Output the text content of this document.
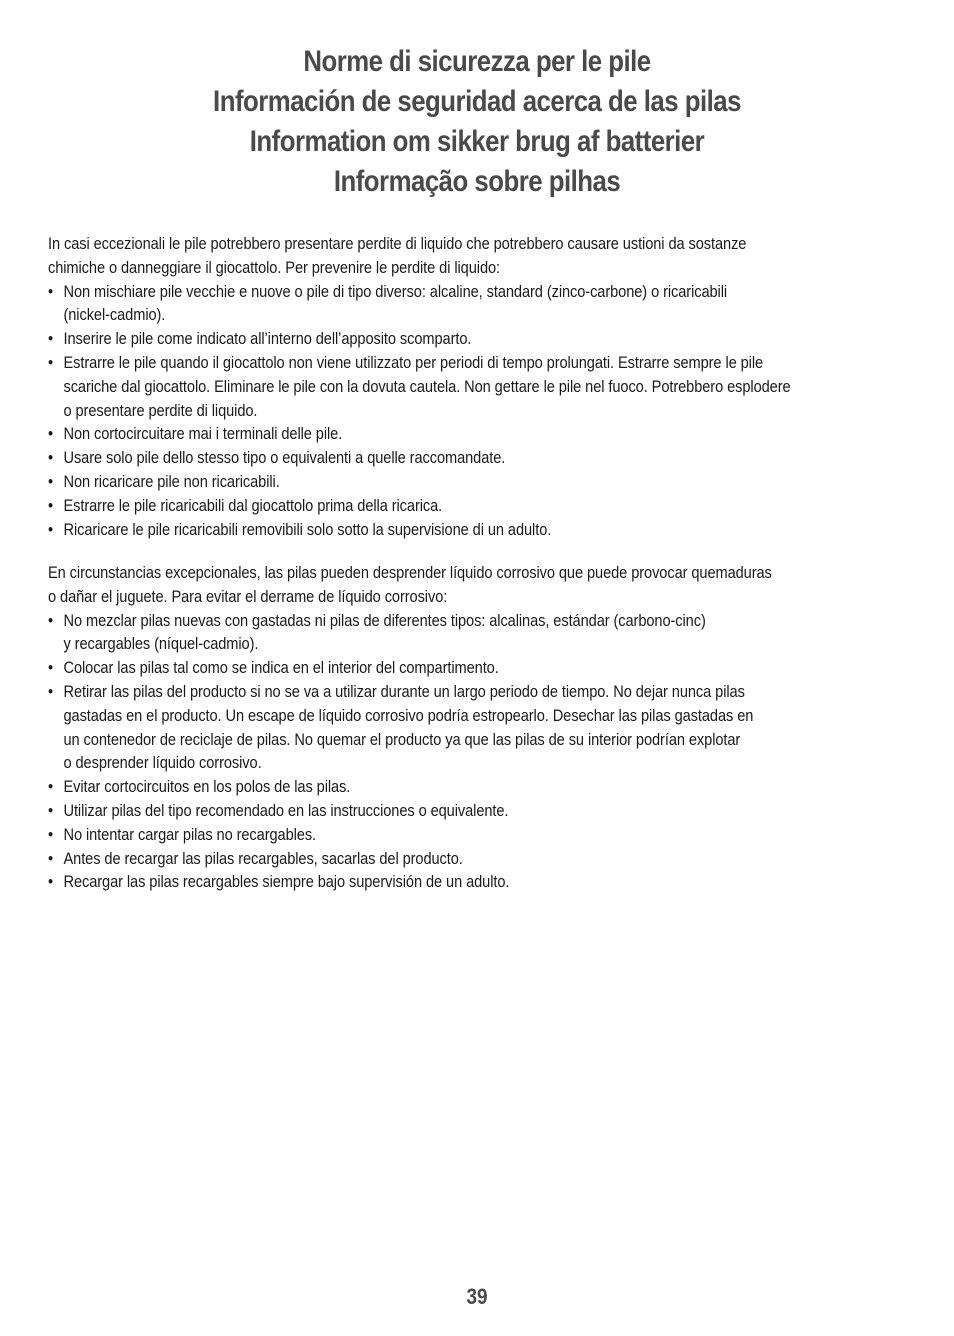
Norme di sicurezza per le pile
Información de seguridad acerca de las pilas
Information om sikker brug af batterier
Informação sobre pilhas
In casi eccezionali le pile potrebbero presentare perdite di liquido che potrebbero causare ustioni da sostanze
chimiche o danneggiare il giocattolo. Per prevenire le perdite di liquido:
• Non mischiare pile vecchie e nuove o pile di tipo diverso: alcaline, standard (zinco-carbone) o ricaricabili
(nickel-cadmio).
• Inserire le pile come indicato all’interno dell’apposito scomparto.
• Estrarre le pile quando il giocattolo non viene utilizzato per periodi di tempo prolungati. Estrarre sempre le pile
scariche dal giocattolo. Eliminare le pile con la dovuta cautela. Non gettare le pile nel fuoco. Potrebbero esplodere
o presentare perdite di liquido.
• Non cortocircuitare mai i terminali delle pile.
• Usare solo pile dello stesso tipo o equivalenti a quelle raccomandate.
• Non ricaricare pile non ricaricabili.
• Estrarre le pile ricaricabili dal giocattolo prima della ricarica.
• Ricaricare le pile ricaricabili removibili solo sotto la supervisione di un adulto.
En circunstancias excepcionales, las pilas pueden desprender líquido corrosivo que puede provocar quemaduras
o dañar el juguete. Para evitar el derrame de líquido corrosivo:
• No mezclar pilas nuevas con gastadas ni pilas de diferentes tipos: alcalinas, estándar (carbono-cinc)
y recargables (níquel-cadmio).
• Colocar las pilas tal como se indica en el interior del compartimento.
• Retirar las pilas del producto si no se va a utilizar durante un largo periodo de tiempo. No dejar nunca pilas
gastadas en el producto. Un escape de líquido corrosivo podría estropearlo. Desechar las pilas gastadas en
un contenedor de reciclaje de pilas. No quemar el producto ya que las pilas de su interior podrían explotar
o desprender líquido corrosivo.
• Evitar cortocircuitos en los polos de las pilas.
• Utilizar pilas del tipo recomendado en las instrucciones o equivalente.
• No intentar cargar pilas no recargables.
• Antes de recargar las pilas recargables, sacarlas del producto.
• Recargar las pilas recargables siempre bajo supervisión de un adulto.
39
